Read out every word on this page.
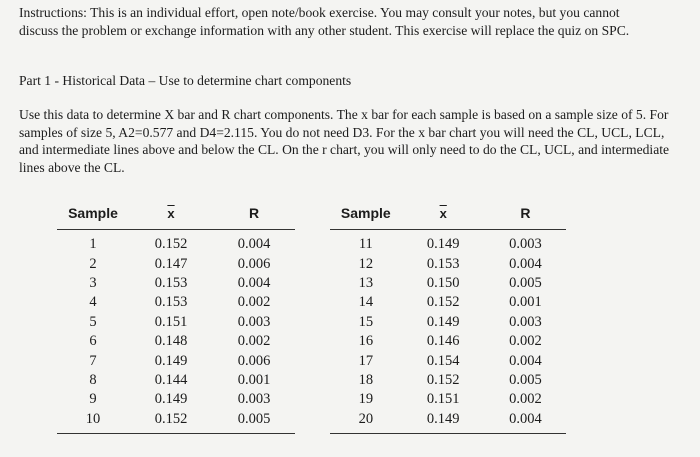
Instructions: This is an individual effort, open note/book exercise. You may consult your notes, but you cannot discuss the problem or exchange information with any other student. This exercise will replace the quiz on SPC.

Part 1 - Historical Data – Use to determine chart components

Use this data to determine X bar and R chart components. The x bar for each sample is based on a sample size of 5. For samples of size 5, A2=0.577 and D4=2.115. You do not need D3. For the x bar chart you will need the CL, UCL, LCL, and intermediate lines above and below the CL. On the r chart, you will only need to do the CL, UCL, and intermediate lines above the CL.

Sample	$\overline{x}$	R
1	0.152	0.004
2	0.147	0.006
3	0.153	0.004
4	0.153	0.002
5	0.151	0.003
6	0.148	0.002
7	0.149	0.006
8	0.144	0.001
9	0.149	0.003
10	0.152	0.005
Sample	$\overline{x}$	R
11	0.149	0.003
12	0.153	0.004
13	0.150	0.005
14	0.152	0.001
15	0.149	0.003
16	0.146	0.002
17	0.154	0.004
18	0.152	0.005
19	0.151	0.002
20	0.149	0.004
